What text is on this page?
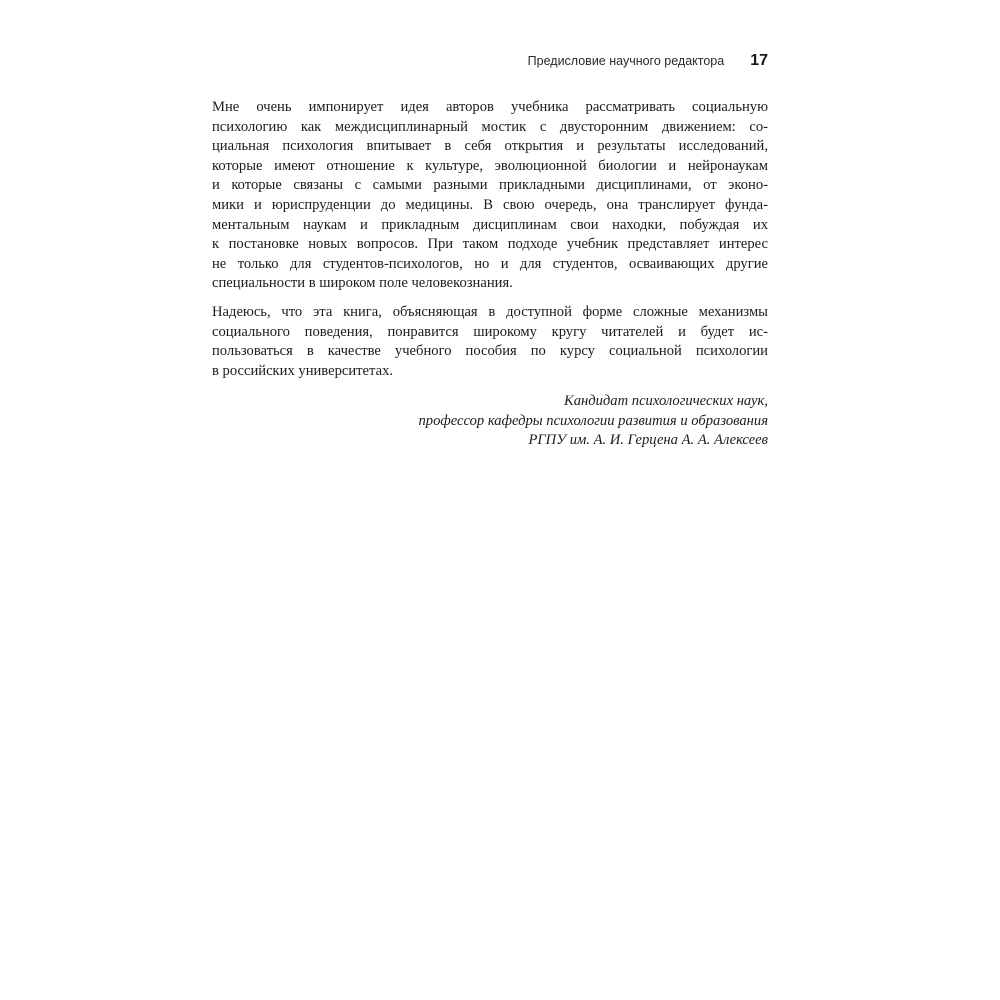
Предисловие научного редактора 17
Мне очень импонирует идея авторов учебника рассматривать социальную
психологию как междисциплинарный мостик с двусторонним движением: со-
циальная психология впитывает в себя открытия и результаты исследований,
которые имеют отношение к культуре, эволюционной биологии и нейронаукам
и которые связаны с самыми разными прикладными дисциплинами, от эконо-
мики и юриспруденции до медицины. В свою очередь, она транслирует фунда-
ментальным наукам и прикладным дисциплинам свои находки, побуждая их
к постановке новых вопросов. При таком подходе учебник представляет интерес
не только для студентов-психологов, но и для студентов, осваивающих другие
специальности в широком поле человекознания.
Надеюсь, что эта книга, объясняющая в доступной форме сложные механизмы
социального поведения, понравится широкому кругу читателей и будет ис-
пользоваться в качестве учебного пособия по курсу социальной психологии
в российских университетах.
Кандидат психологических наук,
профессор кафедры психологии развития и образования
РГПУ им. А. И. Герцена А. А. Алексеев
